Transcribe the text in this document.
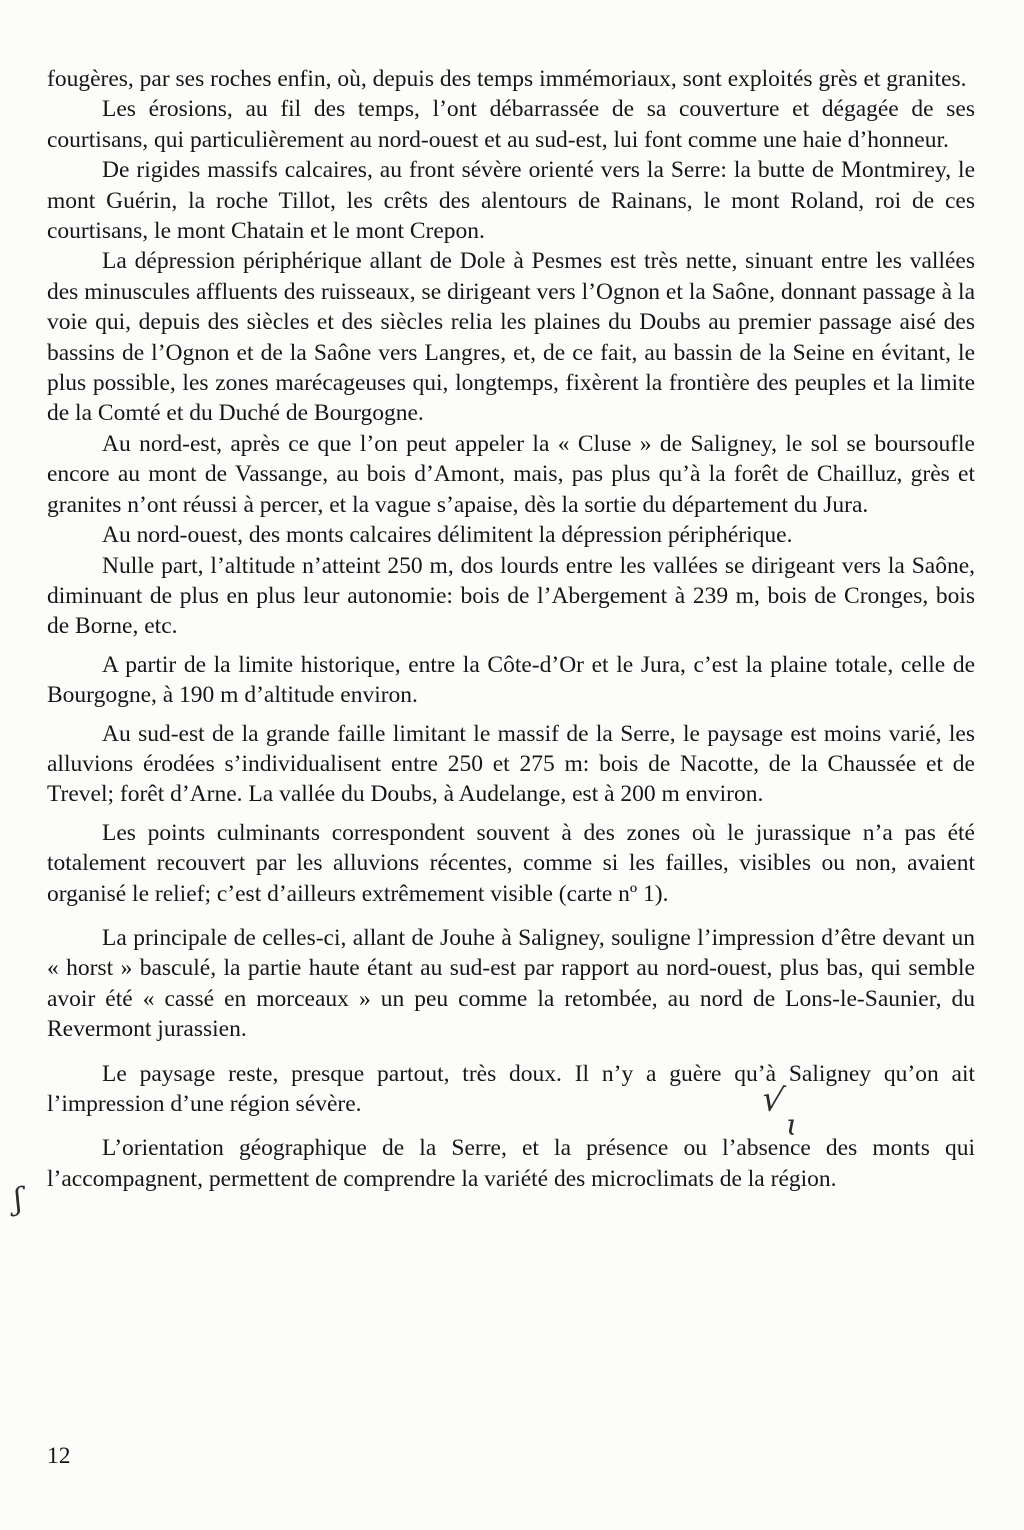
fougères, par ses roches enfin, où, depuis des temps immémoriaux, sont exploités grès et granites.

Les érosions, au fil des temps, l’ont débarrassée de sa couverture et dégagée de ses courtisans, qui particulièrement au nord-ouest et au sud-est, lui font comme une haie d’honneur.

De rigides massifs calcaires, au front sévère orienté vers la Serre: la butte de Montmirey, le mont Guérin, la roche Tillot, les crêts des alentours de Rainans, le mont Roland, roi de ces courtisans, le mont Chatain et le mont Crepon.

La dépression périphérique allant de Dole à Pesmes est très nette, sinuant entre les vallées des minuscules affluents des ruisseaux, se dirigeant vers l’Ognon et la Saône, donnant passage à la voie qui, depuis des siècles et des siècles relia les plaines du Doubs au premier passage aisé des bassins de l’Ognon et de la Saône vers Langres, et, de ce fait, au bassin de la Seine en évitant, le plus possible, les zones marécageuses qui, longtemps, fixèrent la frontière des peuples et la limite de la Comté et du Duché de Bourgogne.

Au nord-est, après ce que l’on peut appeler la « Cluse » de Saligney, le sol se boursoufle encore au mont de Vassange, au bois d’Amont, mais, pas plus qu’à la forêt de Chailluz, grès et granites n’ont réussi à percer, et la vague s’apaise, dès la sortie du département du Jura.

Au nord-ouest, des monts calcaires délimitent la dépression périphérique.

Nulle part, l’altitude n’atteint 250 m, dos lourds entre les vallées se dirigeant vers la Saône, diminuant de plus en plus leur autonomie: bois de l’Abergement à 239 m, bois de Cronges, bois de Borne, etc.

A partir de la limite historique, entre la Côte-d’Or et le Jura, c’est la plaine totale, celle de Bourgogne, à 190 m d’altitude environ.

Au sud-est de la grande faille limitant le massif de la Serre, le paysage est moins varié, les alluvions érodées s’individualisent entre 250 et 275 m: bois de Nacotte, de la Chaussée et de Trevel; forêt d’Arne. La vallée du Doubs, à Audelange, est à 200 m environ.

Les points culminants correspondent souvent à des zones où le jurassique n’a pas été totalement recouvert par les alluvions récentes, comme si les failles, visibles ou non, avaient organisé le relief; c’est d’ailleurs extrêmement visible (carte nº 1).

La principale de celles-ci, allant de Jouhe à Saligney, souligne l’impression d’être devant un « horst » basculé, la partie haute étant au sud-est par rapport au nord-ouest, plus bas, qui semble avoir été « cassé en morceaux » un peu comme la retombée, au nord de Lons-le-Saunier, du Revermont jurassien.

Le paysage reste, presque partout, très doux. Il n’y a guère qu’à Saligney qu’on ait l’impression d’une région sévère.

L’orientation géographique de la Serre, et la présence ou l’absence des monts qui l’accompagnent, permettent de comprendre la variété des microclimats de la région.

12
ʃ
√
ɩ
